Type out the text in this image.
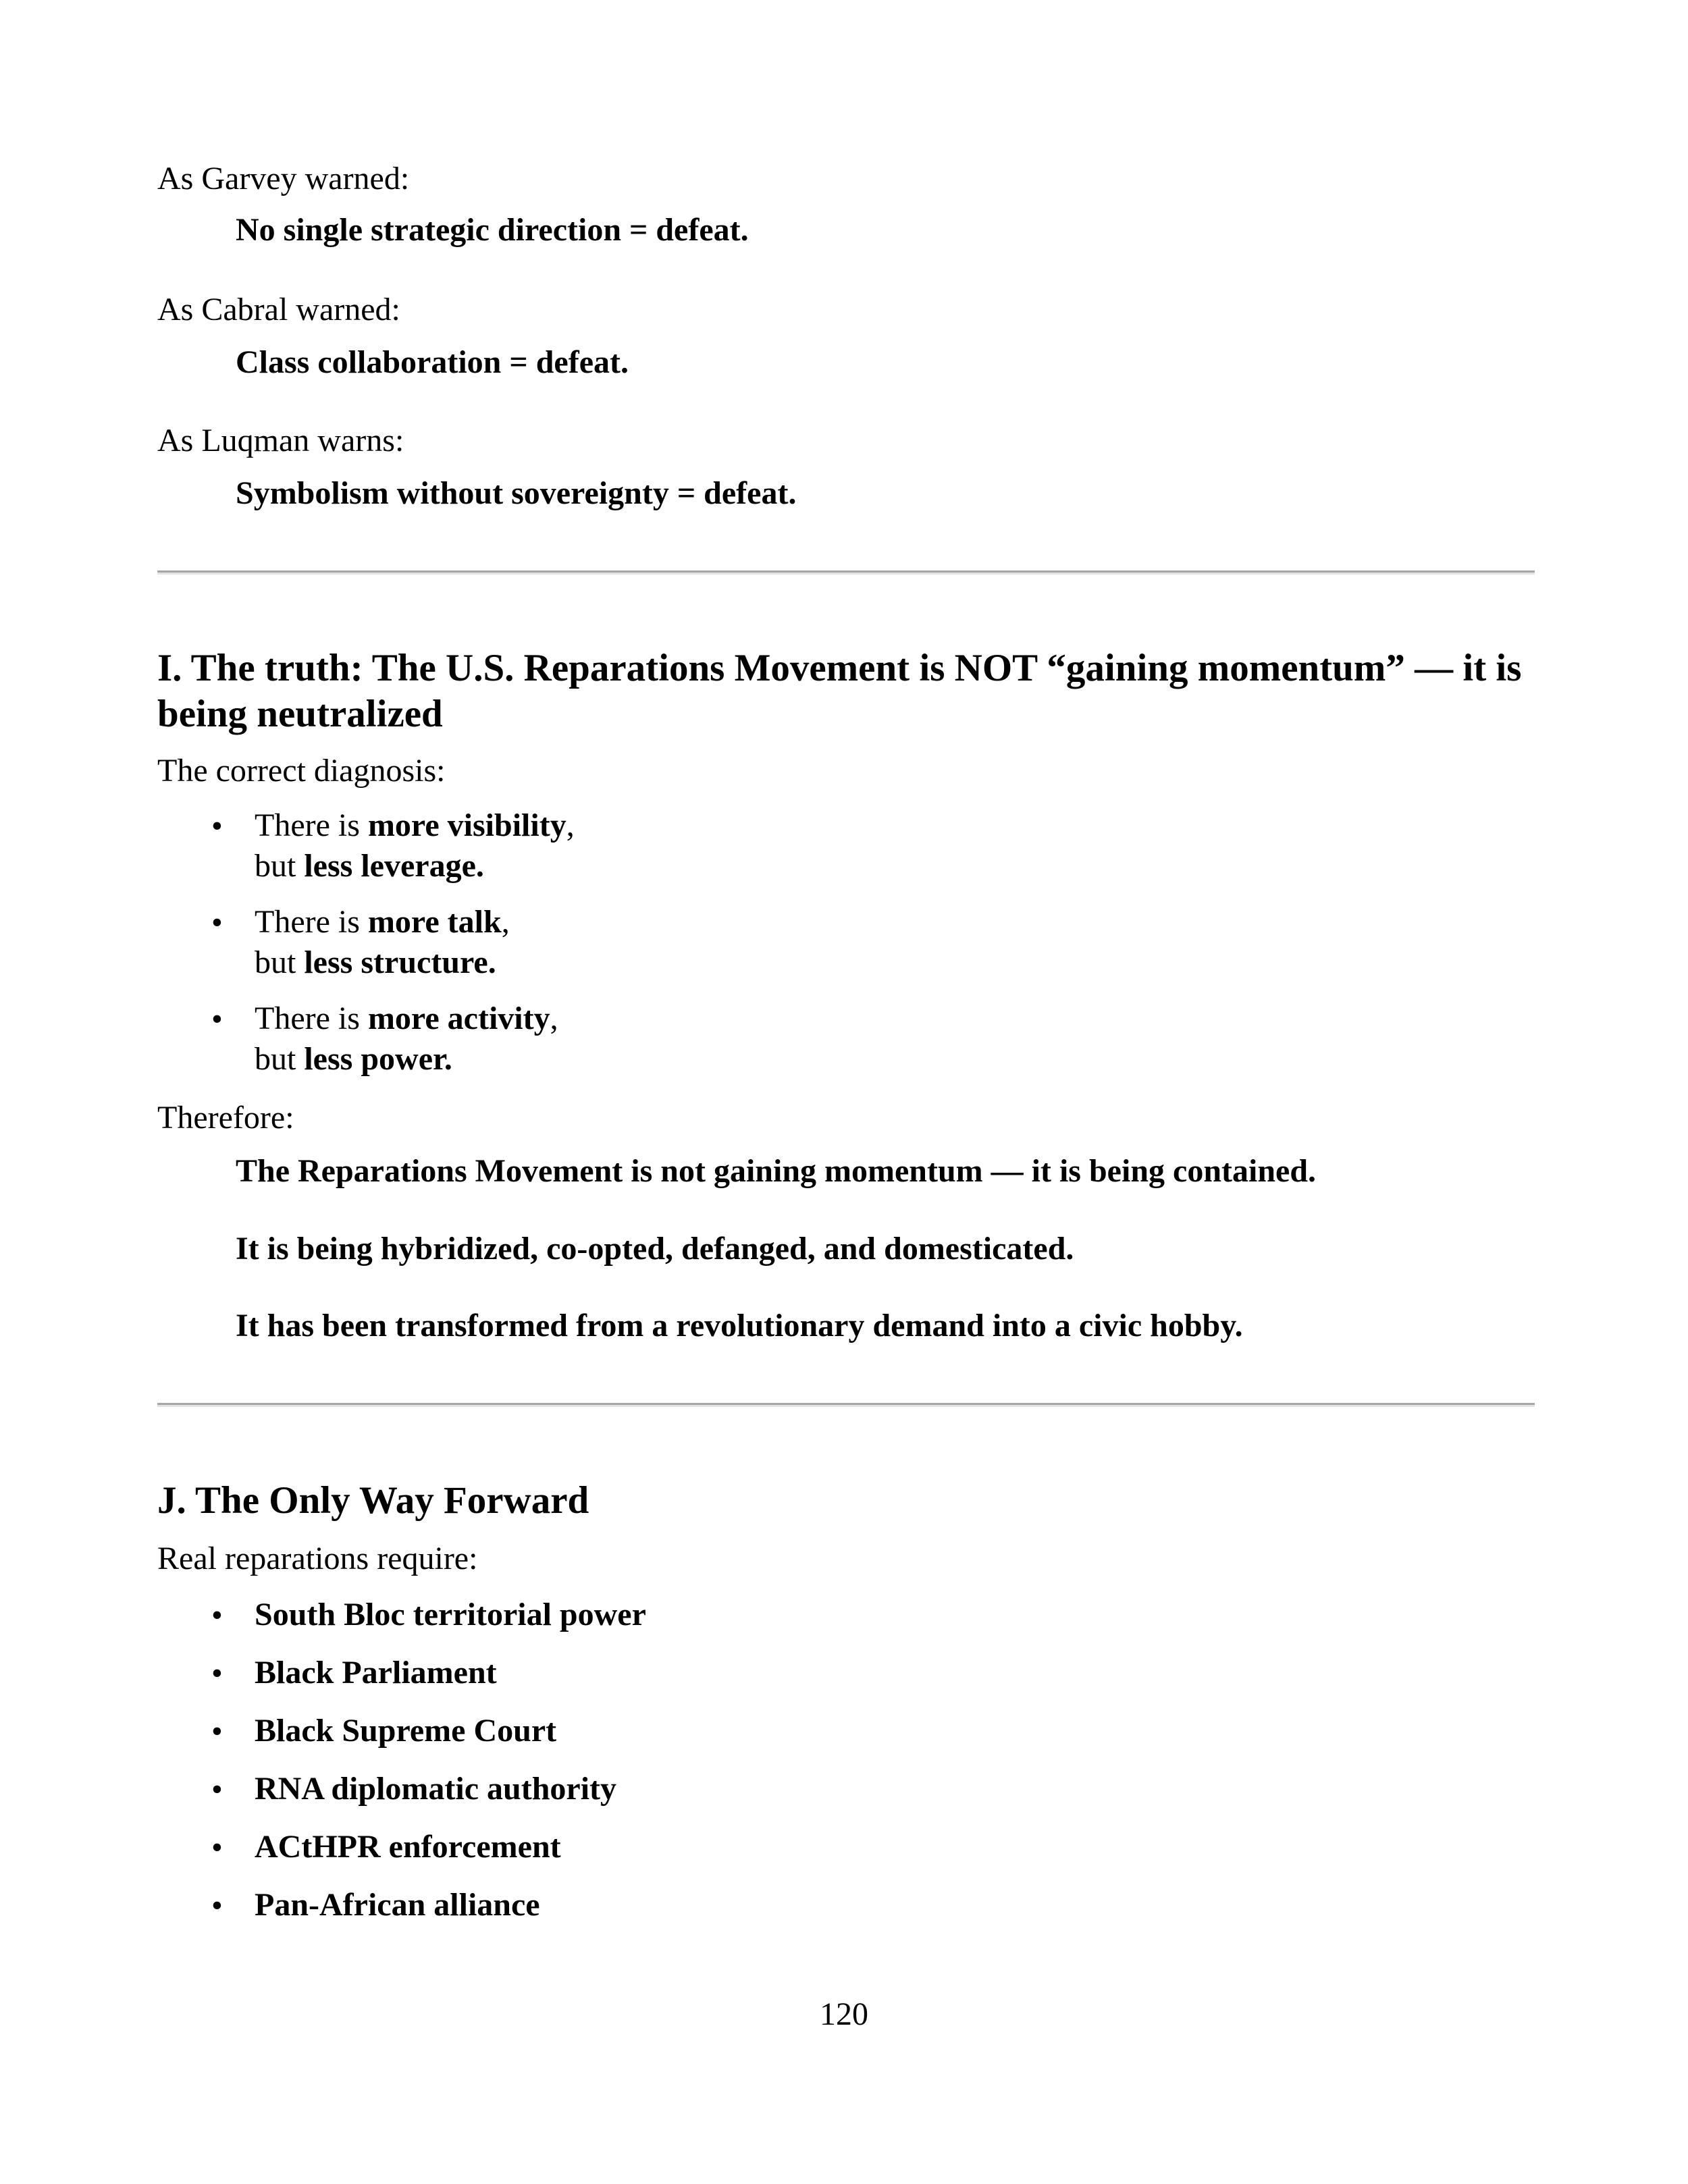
As Garvey warned:
No single strategic direction = defeat.
As Cabral warned:
Class collaboration = defeat.
As Luqman warns:
Symbolism without sovereignty = defeat.
I. The truth: The U.S. Reparations Movement is NOT “gaining momentum” — it is being neutralized
The correct diagnosis:
• There is more visibility,
but less leverage.
• There is more talk,
but less structure.
• There is more activity,
but less power.
Therefore:
The Reparations Movement is not gaining momentum — it is being contained.
It is being hybridized, co-opted, defanged, and domesticated.
It has been transformed from a revolutionary demand into a civic hobby.
J. The Only Way Forward
Real reparations require:
• South Bloc territorial power
• Black Parliament
• Black Supreme Court
• RNA diplomatic authority
• ACtHPR enforcement
• Pan-African alliance
120
